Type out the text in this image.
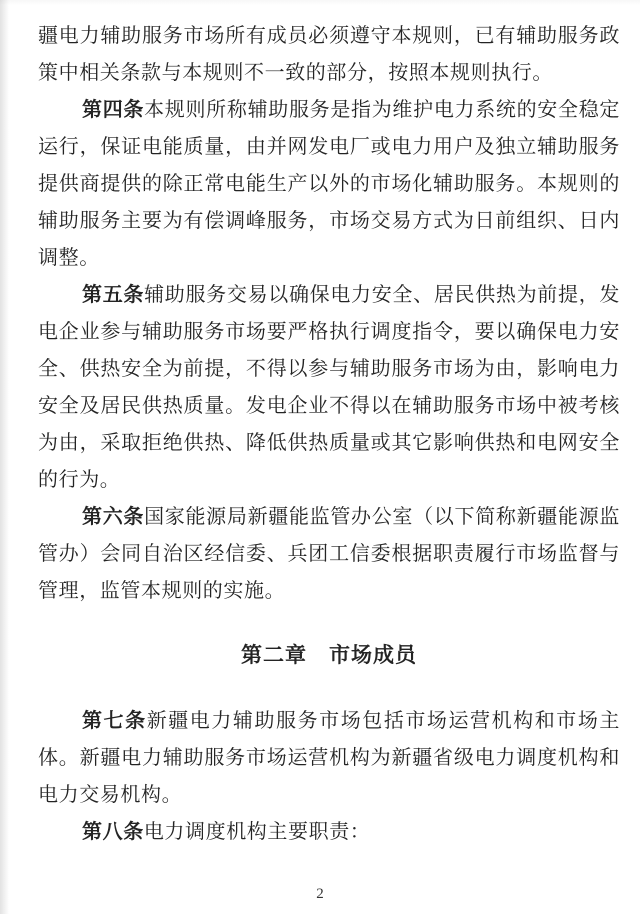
疆电力辅助服务市场所有成员必须遵守本规则，已有辅助服务政策中相关条款与本规则不一致的部分，按照本规则执行。

第四条本规则所称辅助服务是指为维护电力系统的安全稳定运行，保证电能质量，由并网发电厂或电力用户及独立辅助服务提供商提供的除正常电能生产以外的市场化辅助服务。本规则的辅助服务主要为有偿调峰服务，市场交易方式为日前组织、日内调整。

第五条辅助服务交易以确保电力安全、居民供热为前提，发电企业参与辅助服务市场要严格执行调度指令，要以确保电力安全、供热安全为前提，不得以参与辅助服务市场为由，影响电力安全及居民供热质量。发电企业不得以在辅助服务市场中被考核为由，采取拒绝供热、降低供热质量或其它影响供热和电网安全的行为。

第六条国家能源局新疆能监管办公室（以下简称新疆能源监管办）会同自治区经信委、兵团工信委根据职责履行市场监督与管理，监管本规则的实施。

第二章　市场成员

第七条新疆电力辅助服务市场包括市场运营机构和市场主体。新疆电力辅助服务市场运营机构为新疆省级电力调度机构和电力交易机构。

第八条电力调度机构主要职责：

2
